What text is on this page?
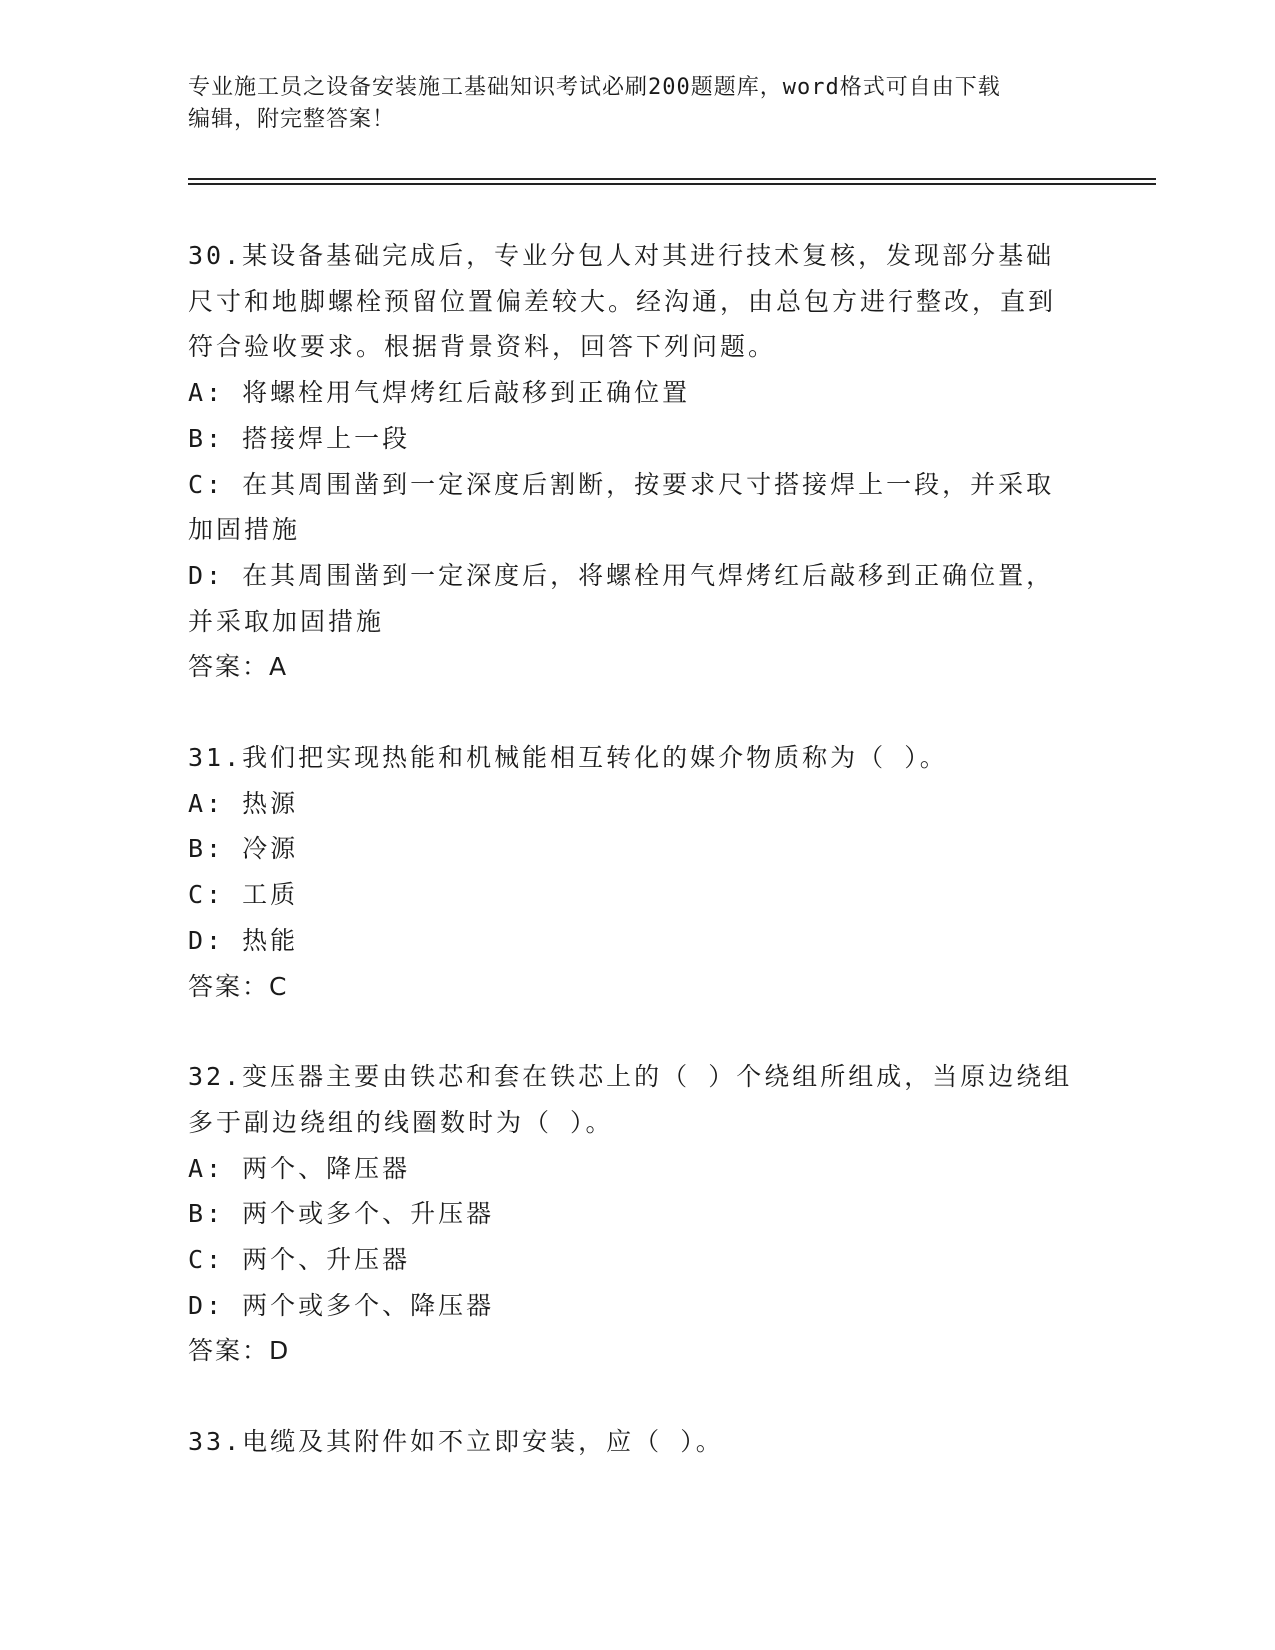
专业施工员之设备安装施工基础知识考试必刷200题题库，word格式可自由下载
编辑，附完整答案！

30.某设备基础完成后，专业分包人对其进行技术复核，发现部分基础尺寸和地脚螺栓预留位置偏差较大。经沟通，由总包方进行整改，直到符合验收要求。根据背景资料，回答下列问题。

A: 将螺栓用气焊烤红后敲移到正确位置

B: 搭接焊上一段

C: 在其周围凿到一定深度后割断，按要求尺寸搭接焊上一段，并采取加固措施

D: 在其周围凿到一定深度后，将螺栓用气焊烤红后敲移到正确位置，并采取加固措施

答案：A

31.我们把实现热能和机械能相互转化的媒介物质称为（ ）。

A: 热源

B: 冷源

C: 工质

D: 热能

答案：C

32.变压器主要由铁芯和套在铁芯上的（ ）个绕组所组成，当原边绕组多于副边绕组的线圈数时为（ ）。

A: 两个、降压器

B: 两个或多个、升压器

C: 两个、升压器

D: 两个或多个、降压器

答案：D

33.电缆及其附件如不立即安装，应（ ）。
